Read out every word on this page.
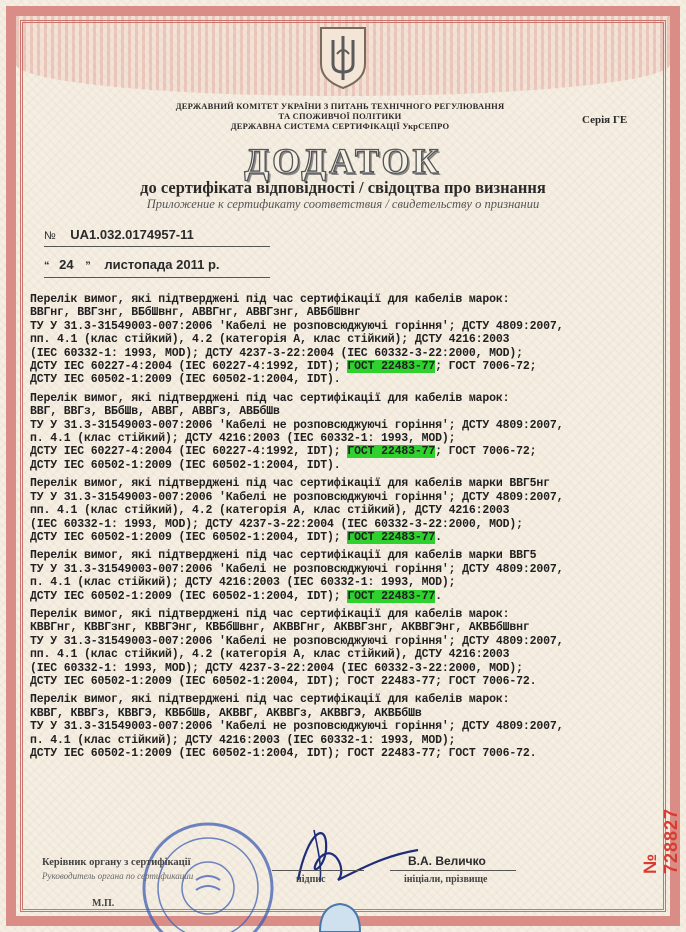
ДЕРЖАВНИЙ КОМІТЕТ УКРАЇНИ З ПИТАНЬ ТЕХНІЧНОГО РЕГУЛЮВАННЯ
ТА СПОЖИВЧОЇ ПОЛІТИКИ
ДЕРЖАВНА СИСТЕМА СЕРТИФІКАЦІЇ УкрСЕПРО	Серія ГЕ
ДОДАТОК
до сертифіката відповідності / свідоцтва про визнання
Приложение к сертификату соответствия / свидетельству о признании
№ UA1.032.0174957-11
“ 24 ” листопада 2011 р.
Перелік вимог, які підтверджені під час сертифікації для кабелів марок:
ВВГнг, ВВГзнг, ВБбШвнг, АВВГнг, АВВГзнг, АВБбШвнг
ТУ У 31.3-31549003-007:2006 'Кабелі не розповсюджуючі горіння'; ДСТУ 4809:2007,
пп. 4.1 (клас стійкий), 4.2 (категорія А, клас стійкий); ДСТУ 4216:2003
(IEC 60332-1: 1993, MOD); ДСТУ 4237-3-22:2004 (IEC 60332-3-22:2000, MOD);
ДСТУ IEC 60227-4:2004 (IEC 60227-4:1992, IDT); ГОСТ 22483-77; ГОСТ 7006-72;
ДСТУ IEC 60502-1:2009 (IEC 60502-1:2004, IDT).
Перелік вимог, які підтверджені під час сертифікації для кабелів марок:
ВВГ, ВВГз, ВБбШв, АВВГ, АВВГз, АВБбШв
ТУ У 31.3-31549003-007:2006 'Кабелі не розповсюджуючі горіння'; ДСТУ 4809:2007,
п. 4.1 (клас стійкий); ДСТУ 4216:2003 (IEC 60332-1: 1993, MOD);
ДСТУ IEC 60227-4:2004 (IEC 60227-4:1992, IDT); ГОСТ 22483-77; ГОСТ 7006-72;
ДСТУ IEC 60502-1:2009 (IEC 60502-1:2004, IDT).
Перелік вимог, які підтверджені під час сертифікації для кабелів марки ВВГ5нг
ТУ У 31.3-31549003-007:2006 'Кабелі не розповсюджуючі горіння'; ДСТУ 4809:2007,
пп. 4.1 (клас стійкий), 4.2 (категорія А, клас стійкий), ДСТУ 4216:2003
(IEC 60332-1: 1993, MOD); ДСТУ 4237-3-22:2004 (IEC 60332-3-22:2000, MOD);
ДСТУ IEC 60502-1:2009 (IEC 60502-1:2004, IDT); ГОСТ 22483-77.
Перелік вимог, які підтверджені під час сертифікації для кабелів марки ВВГ5
ТУ У 31.3-31549003-007:2006 'Кабелі не розповсюджуючі горіння'; ДСТУ 4809:2007,
п. 4.1 (клас стійкий); ДСТУ 4216:2003 (IEC 60332-1: 1993, MOD);
ДСТУ IEC 60502-1:2009 (IEC 60502-1:2004, IDT); ГОСТ 22483-77.
Перелік вимог, які підтверджені під час сертифікації для кабелів марок:
КВВГнг, КВВГзнг, КВВГЭнг, КВБбШвнг, АКВВГнг, АКВВГзнг, АКВВГЭнг, АКВБбШвнг
ТУ У 31.3-31549003-007:2006 'Кабелі не розповсюджуючі горіння'; ДСТУ 4809:2007,
пп. 4.1 (клас стійкий), 4.2 (категорія А, клас стійкий), ДСТУ 4216:2003
(IEC 60332-1: 1993, MOD); ДСТУ 4237-3-22:2004 (IEC 60332-3-22:2000, MOD);
ДСТУ IEC 60502-1:2009 (IEC 60502-1:2004, IDT); ГОСТ 22483-77; ГОСТ 7006-72.
Перелік вимог, які підтверджені під час сертифікації для кабелів марок:
КВВГ, КВВГз, КВВГЭ, КВБбШв, АКВВГ, АКВВГз, АКВВГЭ, АКВБбШв
ТУ У 31.3-31549003-007:2006 'Кабелі не розповсюджуючі горіння'; ДСТУ 4809:2007,
п. 4.1 (клас стійкий); ДСТУ 4216:2003 (IEC 60332-1: 1993, MOD);
ДСТУ IEC 60502-1:2009 (IEC 60502-1:2004, IDT); ГОСТ 22483-77; ГОСТ 7006-72.
Керівник органу з сертифікації
Руководитель органа по сертификации
М.П.
підпис
В.А. Величко
ініціали, прізвище
№ 728827
